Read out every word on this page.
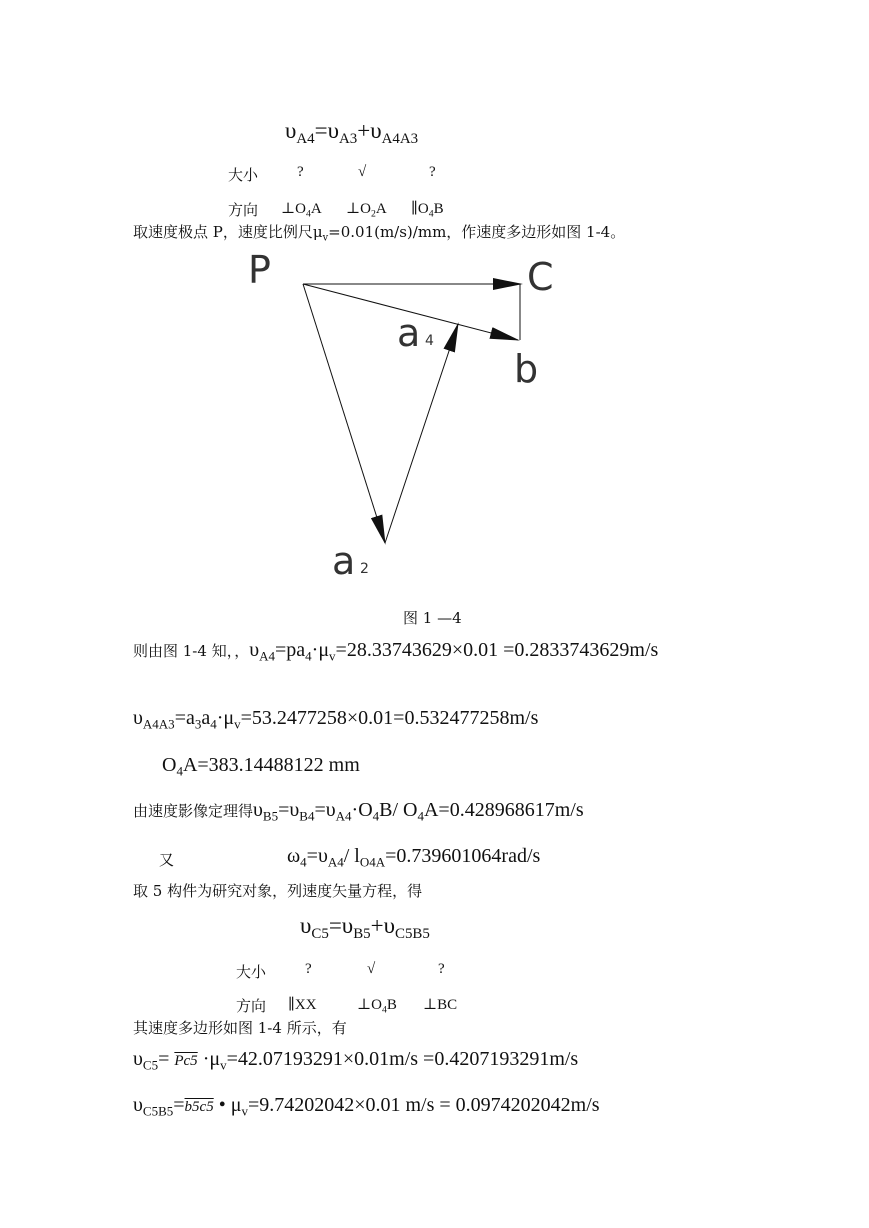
$\upsilon_{A4}=\upsilon_{A3}+\upsilon_{A4A3}$
大小	?	√	?
方向 $\perp O_4A$ $\perp O_2A$ $\parallel O_4B$
取速度极点 P，速度比例尺$\mu_v=0.01(m/s)/mm$，作速度多边形如图 1-4。
P	C
a 4
b
a 2
图 1 —4
则由图 1-4 知，，$\upsilon_{A4}=pa_4\cdot\mu_v=28.33743629\times 0.01 =0.2833743629m/s$
$\upsilon_{A4A3}=a_3a_4\cdot\mu_v=53.2477258\times 0.01=0.532477258m/s$
$O_4A=383.14488122$ mm
由速度影像定理得$\upsilon_{B5}=\upsilon_{B4}=\upsilon_{A4}\cdot O_4B/$ $O_4A=0.428968617m/s$
又	$\omega_4=\upsilon_{A4}/$ $l_{O4A}=0.739601064rad/s$
取 5 构件为研究对象，列速度矢量方程，得
$\upsilon_{C5}=\upsilon_{B5}+\upsilon_{C5B5}$
大小	?	√	?
方向 ∥XX	$\perp O_4B$ ⊥BC
其速度多边形如图 1-4 所示，有
$\upsilon_{C5}= Pc5 \cdot\mu_v=42.07193291\times 0.01m/s =0.4207193291m/s$
$\upsilon_{C5B5}=b5c5$ • $\mu_v=9.74202042\times 0.01$ m/s = 0.0974202042m/s
